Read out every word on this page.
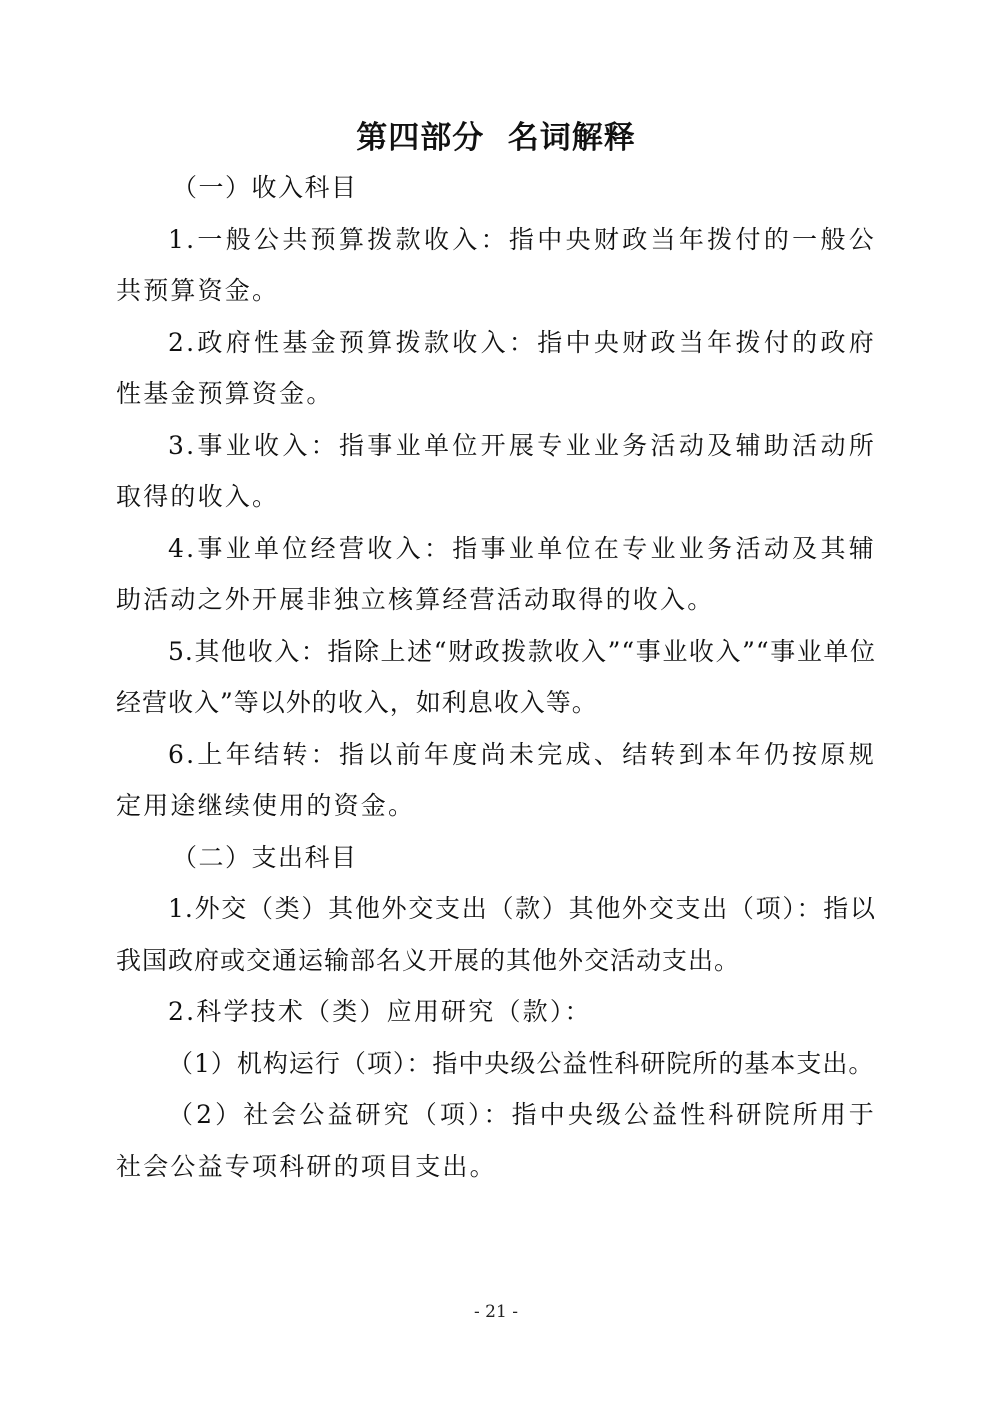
第四部分  名词解释

（一）收入科目

1.一般公共预算拨款收入：指中央财政当年拨付的一般公共预算资金。

2.政府性基金预算拨款收入：指中央财政当年拨付的政府性基金预算资金。

3.事业收入：指事业单位开展专业业务活动及辅助活动所取得的收入。

4.事业单位经营收入：指事业单位在专业业务活动及其辅助活动之外开展非独立核算经营活动取得的收入。

5.其他收入：指除上述“财政拨款收入”“事业收入”“事业单位经营收入”等以外的收入，如利息收入等。

6.上年结转：指以前年度尚未完成、结转到本年仍按原规定用途继续使用的资金。

（二）支出科目

1.外交（类）其他外交支出（款）其他外交支出（项）：指以我国政府或交通运输部名义开展的其他外交活动支出。

2.科学技术（类）应用研究（款）：

（1）机构运行（项）：指中央级公益性科研院所的基本支出。

（2）社会公益研究（项）：指中央级公益性科研院所用于社会公益专项科研的项目支出。

- 21 -
